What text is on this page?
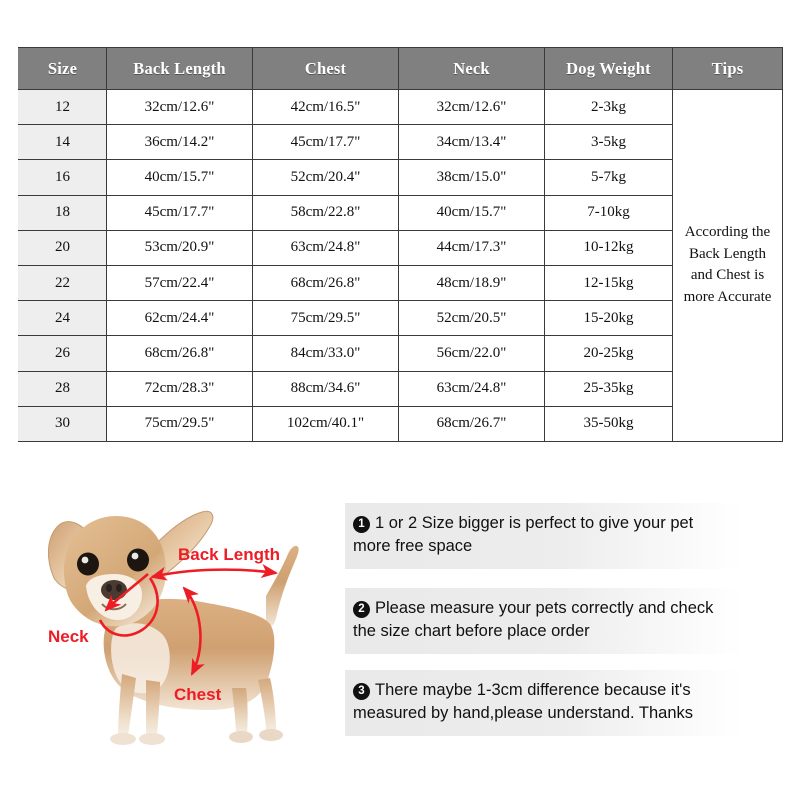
Size	Back Length	Chest	Neck	Dog Weight	Tips
12	32cm/12.6"	42cm/16.5"	32cm/12.6"	2-3kg	According the Back Length and Chest is more Accurate
14	36cm/14.2"	45cm/17.7"	34cm/13.4"	3-5kg	
16	40cm/15.7"	52cm/20.4"	38cm/15.0"	5-7kg	
18	45cm/17.7"	58cm/22.8"	40cm/15.7"	7-10kg	
20	53cm/20.9"	63cm/24.8"	44cm/17.3"	10-12kg	
22	57cm/22.4"	68cm/26.8"	48cm/18.9"	12-15kg	
24	62cm/24.4"	75cm/29.5"	52cm/20.5"	15-20kg	
26	68cm/26.8"	84cm/33.0"	56cm/22.0"	20-25kg	
28	72cm/28.3"	88cm/34.6"	63cm/24.8"	25-35kg	
30	75cm/29.5"	102cm/40.1"	68cm/26.7"	35-50kg	
Back Length
Neck
Chest
1 1 or 2 Size bigger is perfect to give your pet more free space
2 Please measure your pets correctly and check the size chart before place order
3 There maybe 1-3cm difference because it's measured by hand,please understand. Thanks
